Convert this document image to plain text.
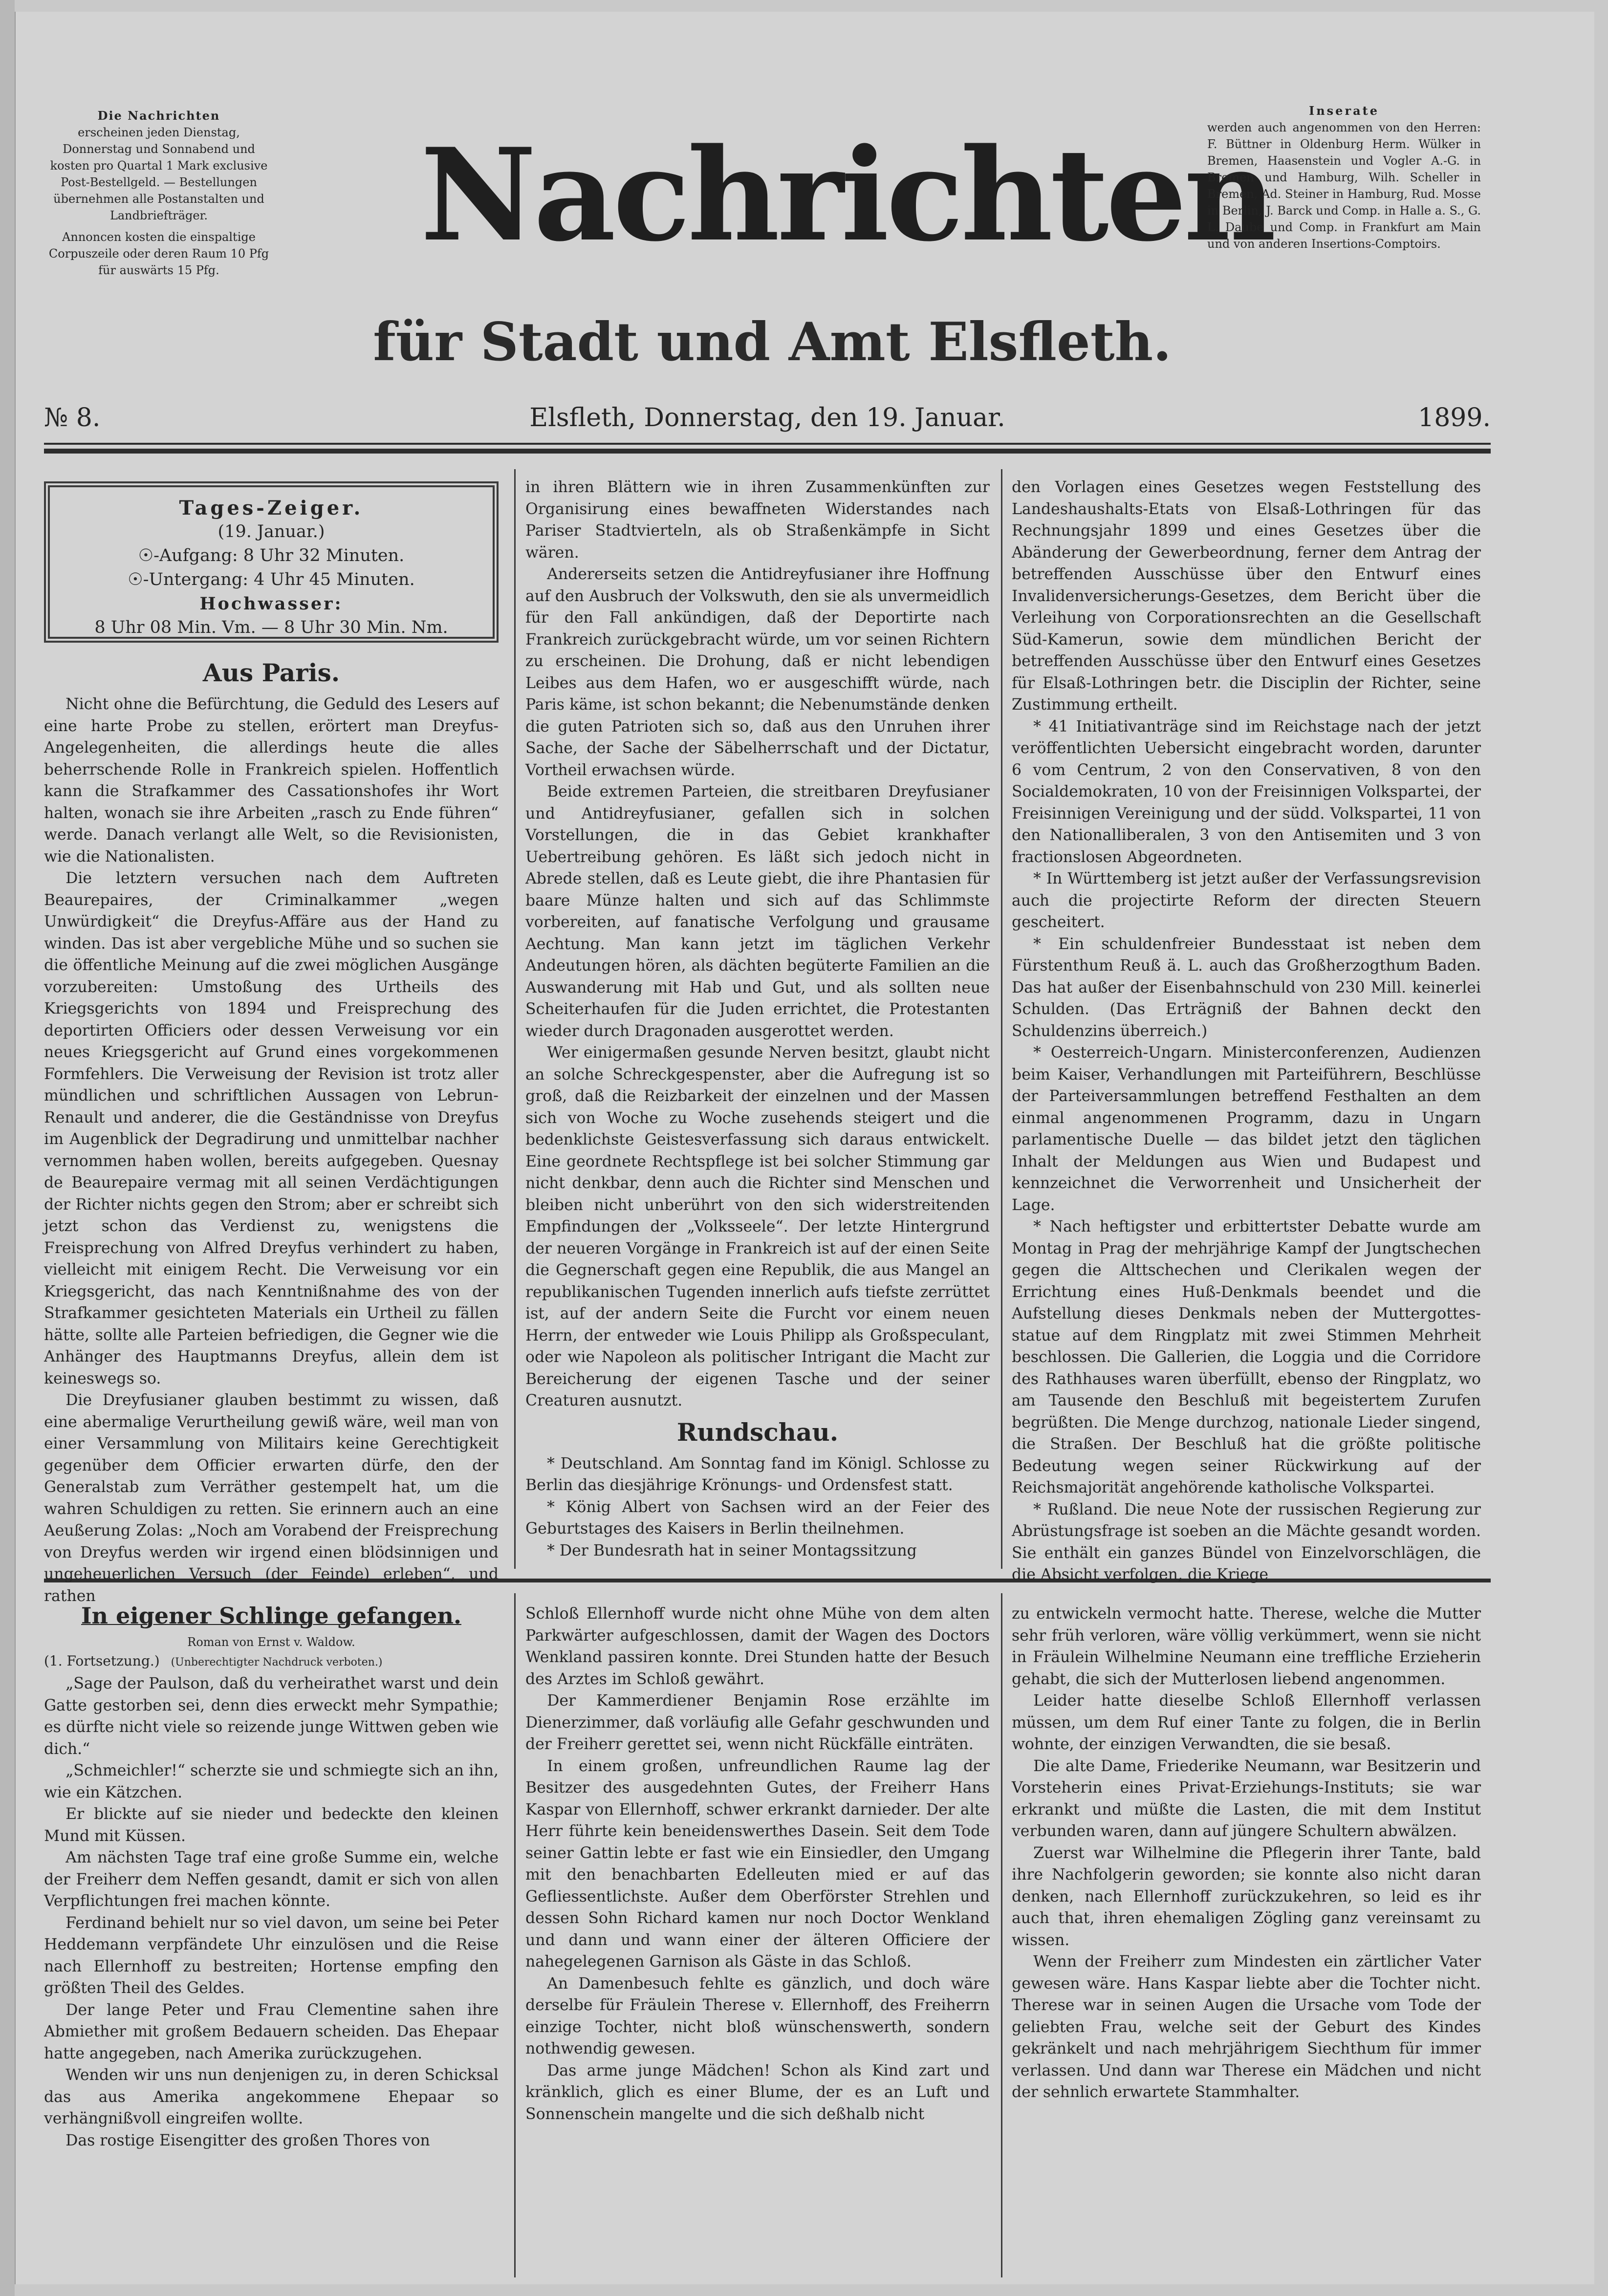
Die Nachrichten
erscheinen jeden Dienstag, Donnerstag und Sonnabend und kosten pro Quartal 1 Mark exclusive Post-Bestellgeld. — Bestellungen übernehmen alle Postanstalten und Landbriefträger.
Annoncen kosten die einspaltige Corpuszeile oder deren Raum 10 Pfg für auswärts 15 Pfg.
Nachrichten
für Stadt und Amt Elsfleth.
Inserate
werden auch angenommen von den Herren: F. Büttner in Oldenburg Herm. Wülker in Bremen, Haasenstein und Vogler A.-G. in Bremen und Hamburg, Wilh. Scheller in Bremen, Ad. Steiner in Hamburg, Rud. Mosse in Berlin, J. Barck und Comp. in Halle a. S., G. L. Daube und Comp. in Frankfurt am Main und von anderen Insertions-Comptoirs.
№ 8.	Elsfleth, Donnerstag, den 19. Januar.	1899.
Tages-Zeiger.
(19. Januar.)
☉-Aufgang: 8 Uhr 32 Minuten.
☉-Untergang: 4 Uhr 45 Minuten.
Hochwasser:
8 Uhr 08 Min. Vm. — 8 Uhr 30 Min. Nm.
Aus Paris.

Nicht ohne die Befürchtung, die Geduld des Lesers auf eine harte Probe zu stellen, erörtert man Dreyfus-Angelegenheiten, die allerdings heute die alles beherrschende Rolle in Frankreich spielen. Hoffentlich kann die Strafkammer des Cassationshofes ihr Wort halten, wonach sie ihre Arbeiten „rasch zu Ende führen“ werde. Danach verlangt alle Welt, so die Revisionisten, wie die Nationalisten.

Die letztern versuchen nach dem Auftreten Beaurepaires, der Criminalkammer „wegen Unwürdigkeit“ die Dreyfus-Affäre aus der Hand zu winden. Das ist aber vergebliche Mühe und so suchen sie die öffentliche Meinung auf die zwei möglichen Ausgänge vorzubereiten: Umstoßung des Urtheils des Kriegsgerichts von 1894 und Freisprechung des deportirten Officiers oder dessen Verweisung vor ein neues Kriegsgericht auf Grund eines vorgekommenen Formfehlers. Die Verweisung der Revision ist trotz aller mündlichen und schriftlichen Aussagen von Lebrun-Renault und anderer, die die Geständnisse von Dreyfus im Augenblick der Degradirung und unmittelbar nachher vernommen haben wollen, bereits aufgegeben. Quesnay de Beaurepaire vermag mit all seinen Verdächtigungen der Richter nichts gegen den Strom; aber er schreibt sich jetzt schon das Verdienst zu, wenigstens die Freisprechung von Alfred Dreyfus verhindert zu haben, vielleicht mit einigem Recht. Die Verweisung vor ein Kriegsgericht, das nach Kenntnißnahme des von der Strafkammer gesichteten Materials ein Urtheil zu fällen hätte, sollte alle Parteien befriedigen, die Gegner wie die Anhänger des Hauptmanns Dreyfus, allein dem ist keineswegs so.

Die Dreyfusianer glauben bestimmt zu wissen, daß eine abermalige Verurtheilung gewiß wäre, weil man von einer Versammlung von Militairs keine Gerechtigkeit gegenüber dem Officier erwarten dürfe, den der Generalstab zum Verräther gestempelt hat, um die wahren Schuldigen zu retten. Sie erinnern auch an eine Aeußerung Zolas: „Noch am Vorabend der Freisprechung von Dreyfus werden wir irgend einen blödsinnigen und ungeheuerlichen Versuch (der Feinde) erleben“, und rathen

in ihren Blättern wie in ihren Zusammenkünften zur Organisirung eines bewaffneten Widerstandes nach Pariser Stadtvierteln, als ob Straßenkämpfe in Sicht wären.

Andererseits setzen die Antidreyfusianer ihre Hoffnung auf den Ausbruch der Volkswuth, den sie als unvermeidlich für den Fall ankündigen, daß der Deportirte nach Frankreich zurückgebracht würde, um vor seinen Richtern zu erscheinen. Die Drohung, daß er nicht lebendigen Leibes aus dem Hafen, wo er ausgeschifft würde, nach Paris käme, ist schon bekannt; die Nebenumstände denken die guten Patrioten sich so, daß aus den Unruhen ihrer Sache, der Sache der Säbelherrschaft und der Dictatur, Vortheil erwachsen würde.

Beide extremen Parteien, die streitbaren Dreyfusianer und Antidreyfusianer, gefallen sich in solchen Vorstellungen, die in das Gebiet krankhafter Uebertreibung gehören. Es läßt sich jedoch nicht in Abrede stellen, daß es Leute giebt, die ihre Phantasien für baare Münze halten und sich auf das Schlimmste vorbereiten, auf fanatische Verfolgung und grausame Aechtung. Man kann jetzt im täglichen Verkehr Andeutungen hören, als dächten begüterte Familien an die Auswanderung mit Hab und Gut, und als sollten neue Scheiterhaufen für die Juden errichtet, die Protestanten wieder durch Dragonaden ausgerottet werden.

Wer einigermaßen gesunde Nerven besitzt, glaubt nicht an solche Schreckgespenster, aber die Aufregung ist so groß, daß die Reizbarkeit der einzelnen und der Massen sich von Woche zu Woche zusehends steigert und die bedenklichste Geistesverfassung sich daraus entwickelt. Eine geordnete Rechtspflege ist bei solcher Stimmung gar nicht denkbar, denn auch die Richter sind Menschen und bleiben nicht unberührt von den sich widerstreitenden Empfindungen der „Volksseele“. Der letzte Hintergrund der neueren Vorgänge in Frankreich ist auf der einen Seite die Gegnerschaft gegen eine Republik, die aus Mangel an republikanischen Tugenden innerlich aufs tiefste zerrüttet ist, auf der andern Seite die Furcht vor einem neuen Herrn, der entweder wie Louis Philipp als Großspeculant, oder wie Napoleon als politischer Intrigant die Macht zur Bereicherung der eigenen Tasche und der seiner Creaturen ausnutzt.

Rundschau.

* Deutschland. Am Sonntag fand im Königl. Schlosse zu Berlin das diesjährige Krönungs- und Ordensfest statt.

* König Albert von Sachsen wird an der Feier des Geburtstages des Kaisers in Berlin theilnehmen.

* Der Bundesrath hat in seiner Montagssitzung

den Vorlagen eines Gesetzes wegen Feststellung des Landeshaushalts-Etats von Elsaß-Lothringen für das Rechnungsjahr 1899 und eines Gesetzes über die Abänderung der Gewerbeordnung, ferner dem Antrag der betreffenden Ausschüsse über den Entwurf eines Invalidenversicherungs-Gesetzes, dem Bericht über die Verleihung von Corporationsrechten an die Gesellschaft Süd-Kamerun, sowie dem mündlichen Bericht der betreffenden Ausschüsse über den Entwurf eines Gesetzes für Elsaß-Lothringen betr. die Disciplin der Richter, seine Zustimmung ertheilt.

* 41 Initiativanträge sind im Reichstage nach der jetzt veröffentlichten Uebersicht eingebracht worden, darunter 6 vom Centrum, 2 von den Conservativen, 8 von den Socialdemokraten, 10 von der Freisinnigen Volkspartei, der Freisinnigen Vereinigung und der südd. Volkspartei, 11 von den Nationalliberalen, 3 von den Antisemiten und 3 von fractionslosen Abgeordneten.

* In Württemberg ist jetzt außer der Verfassungsrevision auch die projectirte Reform der directen Steuern gescheitert.

* Ein schuldenfreier Bundesstaat ist neben dem Fürstenthum Reuß ä. L. auch das Großherzogthum Baden. Das hat außer der Eisenbahnschuld von 230 Mill. keinerlei Schulden. (Das Erträgniß der Bahnen deckt den Schuldenzins überreich.)

* Oesterreich-Ungarn. Ministerconferenzen, Audienzen beim Kaiser, Verhandlungen mit Parteiführern, Beschlüsse der Parteiversammlungen betreffend Festhalten an dem einmal angenommenen Programm, dazu in Ungarn parlamentische Duelle — das bildet jetzt den täglichen Inhalt der Meldungen aus Wien und Budapest und kennzeichnet die Verworrenheit und Unsicherheit der Lage.

* Nach heftigster und erbittertster Debatte wurde am Montag in Prag der mehrjährige Kampf der Jungtschechen gegen die Alttschechen und Clerikalen wegen der Errichtung eines Huß-Denkmals beendet und die Aufstellung dieses Denkmals neben der Muttergottes-statue auf dem Ringplatz mit zwei Stimmen Mehrheit beschlossen. Die Gallerien, die Loggia und die Corridore des Rathhauses waren überfüllt, ebenso der Ringplatz, wo am Tausende den Beschluß mit begeistertem Zurufen begrüßten. Die Menge durchzog, nationale Lieder singend, die Straßen. Der Beschluß hat die größte politische Bedeutung wegen seiner Rückwirkung auf der Reichsmajorität angehörende katholische Volkspartei.

* Rußland. Die neue Note der russischen Regierung zur Abrüstungsfrage ist soeben an die Mächte gesandt worden. Sie enthält ein ganzes Bündel von Einzelvorschlägen, die die Absicht verfolgen, die Kriege

In eigener Schlinge gefangen.
Roman von Ernst v. Waldow.
(1. Fortsetzung.) (Unberechtigter Nachdruck verboten.)

„Sage der Paulson, daß du verheirathet warst und dein Gatte gestorben sei, denn dies erweckt mehr Sympathie; es dürfte nicht viele so reizende junge Wittwen geben wie dich.“

„Schmeichler!“ scherzte sie und schmiegte sich an ihn, wie ein Kätzchen.

Er blickte auf sie nieder und bedeckte den kleinen Mund mit Küssen.

Am nächsten Tage traf eine große Summe ein, welche der Freiherr dem Neffen gesandt, damit er sich von allen Verpflichtungen frei machen könnte.

Ferdinand behielt nur so viel davon, um seine bei Peter Heddemann verpfändete Uhr einzulösen und die Reise nach Ellernhoff zu bestreiten; Hortense empfing den größten Theil des Geldes.

Der lange Peter und Frau Clementine sahen ihre Abmiether mit großem Bedauern scheiden. Das Ehepaar hatte angegeben, nach Amerika zurückzugehen.

Wenden wir uns nun denjenigen zu, in deren Schicksal das aus Amerika angekommene Ehepaar so verhängnißvoll eingreifen wollte.

Das rostige Eisengitter des großen Thores von

Schloß Ellernhoff wurde nicht ohne Mühe von dem alten Parkwärter aufgeschlossen, damit der Wagen des Doctors Wenkland passiren konnte. Drei Stunden hatte der Besuch des Arztes im Schloß gewährt.

Der Kammerdiener Benjamin Rose erzählte im Dienerzimmer, daß vorläufig alle Gefahr geschwunden und der Freiherr gerettet sei, wenn nicht Rückfälle einträten.

In einem großen, unfreundlichen Raume lag der Besitzer des ausgedehnten Gutes, der Freiherr Hans Kaspar von Ellernhoff, schwer erkrankt darnieder. Der alte Herr führte kein beneidenswerthes Dasein. Seit dem Tode seiner Gattin lebte er fast wie ein Einsiedler, den Umgang mit den benachbarten Edelleuten mied er auf das Gefliessentlichste. Außer dem Oberförster Strehlen und dessen Sohn Richard kamen nur noch Doctor Wenkland und dann und wann einer der älteren Officiere der nahegelegenen Garnison als Gäste in das Schloß.

An Damenbesuch fehlte es gänzlich, und doch wäre derselbe für Fräulein Therese v. Ellernhoff, des Freiherrn einzige Tochter, nicht bloß wünschenswerth, sondern nothwendig gewesen.

Das arme junge Mädchen! Schon als Kind zart und kränklich, glich es einer Blume, der es an Luft und Sonnenschein mangelte und die sich deßhalb nicht

zu entwickeln vermocht hatte. Therese, welche die Mutter sehr früh verloren, wäre völlig verkümmert, wenn sie nicht in Fräulein Wilhelmine Neumann eine treffliche Erzieherin gehabt, die sich der Mutterlosen liebend angenommen.

Leider hatte dieselbe Schloß Ellernhoff verlassen müssen, um dem Ruf einer Tante zu folgen, die in Berlin wohnte, der einzigen Verwandten, die sie besaß.

Die alte Dame, Friederike Neumann, war Besitzerin und Vorsteherin eines Privat-Erziehungs-Instituts; sie war erkrankt und müßte die Lasten, die mit dem Institut verbunden waren, dann auf jüngere Schultern abwälzen.

Zuerst war Wilhelmine die Pflegerin ihrer Tante, bald ihre Nachfolgerin geworden; sie konnte also nicht daran denken, nach Ellernhoff zurückzukehren, so leid es ihr auch that, ihren ehemaligen Zögling ganz vereinsamt zu wissen.

Wenn der Freiherr zum Mindesten ein zärtlicher Vater gewesen wäre. Hans Kaspar liebte aber die Tochter nicht. Therese war in seinen Augen die Ursache vom Tode der geliebten Frau, welche seit der Geburt des Kindes gekränkelt und nach mehrjährigem Siechthum für immer verlassen. Und dann war Therese ein Mädchen und nicht der sehnlich erwartete Stammhalter.
